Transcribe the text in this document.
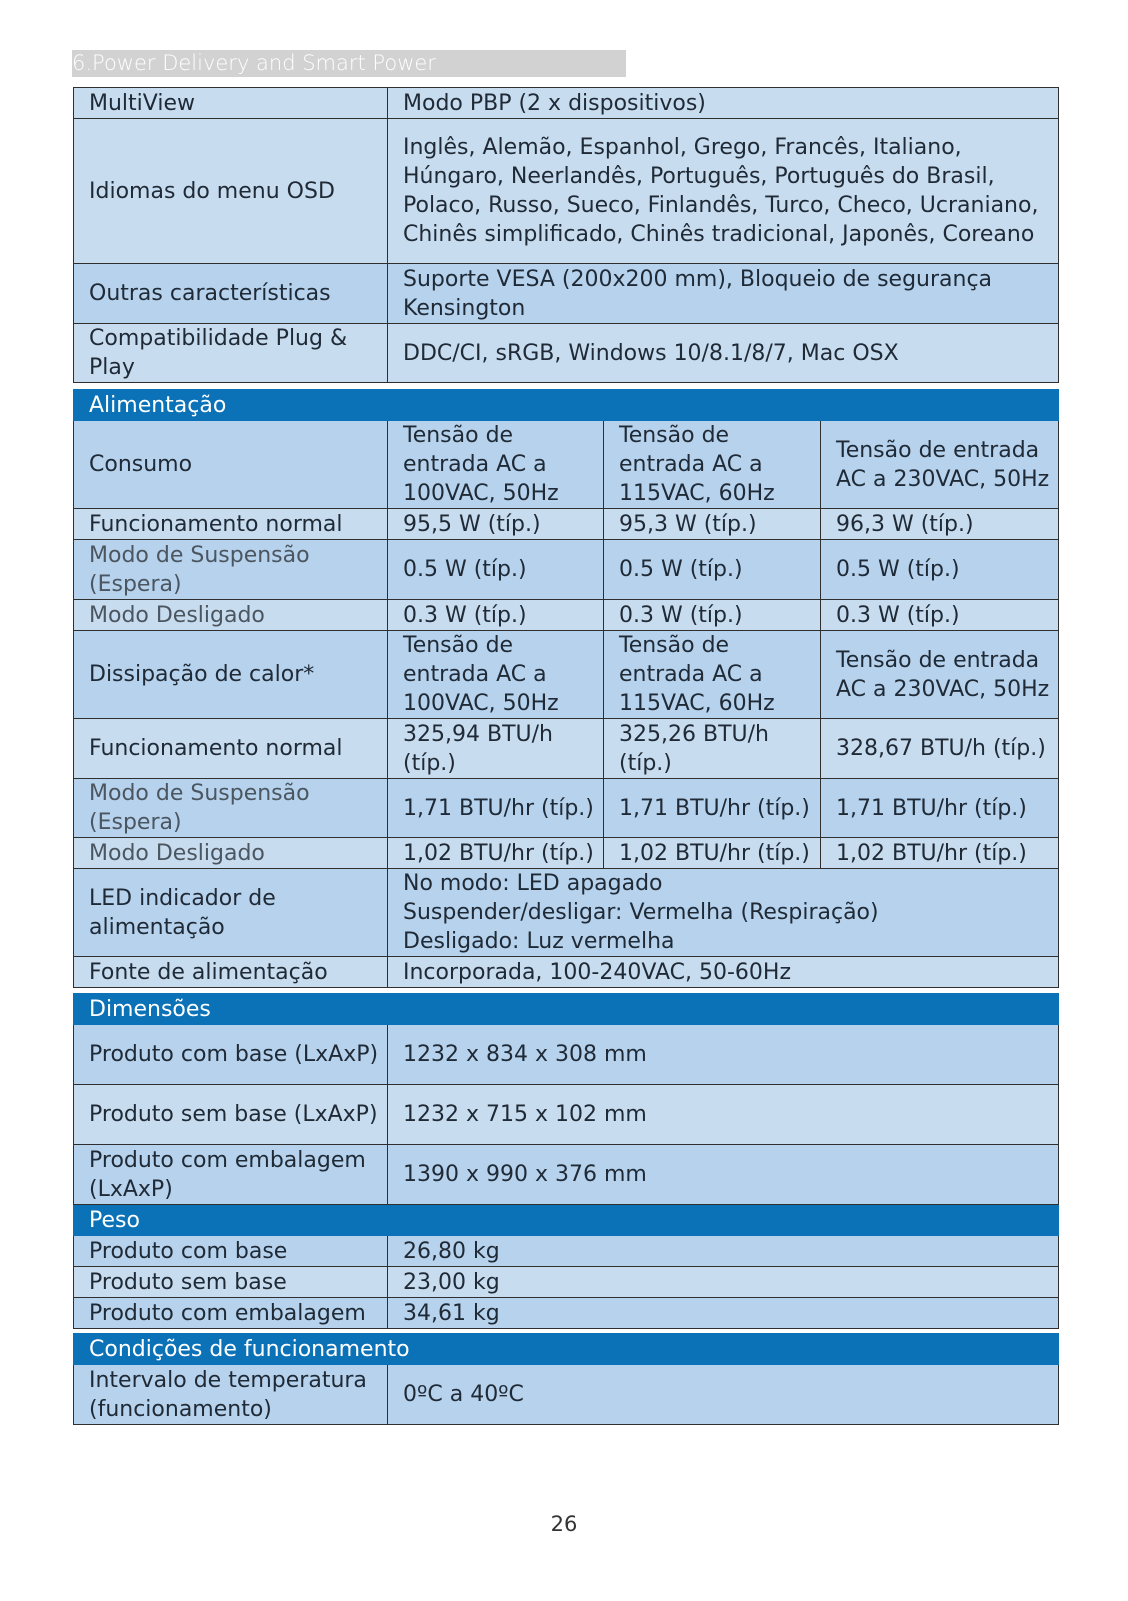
6.Power Delivery and Smart Power
MultiView	Modo PBP (2 x dispositivos)
Idiomas do menu OSD	Inglês, Alemão, Espanhol, Grego, Francês, Italiano, Húngaro, Neerlandês, Português, Português do Brasil, Polaco, Russo, Sueco, Finlandês, Turco, Checo, Ucraniano, Chinês simplificado, Chinês tradicional, Japonês, Coreano
Outras características	Suporte VESA (200x200 mm), Bloqueio de segurança Kensington
Compatibilidade Plug & Play	DDC/CI, sRGB, Windows 10/8.1/8/7, Mac OSX
Alimentação			
Consumo	Tensão de entrada AC a 100VAC, 50Hz	Tensão de entrada AC a 115VAC, 60Hz	Tensão de entrada AC a 230VAC, 50Hz
Funcionamento normal	95,5 W (típ.)	95,3 W (típ.)	96,3 W (típ.)
Modo de Suspensão (Espera)	0.5 W (típ.)	0.5 W (típ.)	0.5 W (típ.)
Modo Desligado	0.3 W (típ.)	0.3 W (típ.)	0.3 W (típ.)
Dissipação de calor*	Tensão de entrada AC a 100VAC, 50Hz	Tensão de entrada AC a 115VAC, 60Hz	Tensão de entrada AC a 230VAC, 50Hz
Funcionamento normal	325,94 BTU/h (típ.)	325,26 BTU/h (típ.)	328,67 BTU/h (típ.)
Modo de Suspensão (Espera)	1,71 BTU/hr (típ.)	1,71 BTU/hr (típ.)	1,71 BTU/hr (típ.)
Modo Desligado	1,02 BTU/hr (típ.)	1,02 BTU/hr (típ.)	1,02 BTU/hr (típ.)
LED indicador de alimentação	No modo: LED apagado
Suspender/desligar: Vermelha (Respiração)
Desligado: Luz vermelha		

Fonte de alimentação	Incorporada, 100-240VAC, 50-60Hz		
Dimensões	
Produto com base (LxAxP)	1232 x 834 x 308 mm
Produto sem base (LxAxP)	1232 x 715 x 102 mm
Produto com embalagem (LxAxP)	1390 x 990 x 376 mm
Peso	
Produto com base	26,80 kg
Produto sem base	23,00 kg
Produto com embalagem	34,61 kg
Condições de funcionamento
Intervalo de temperatura (funcionamento)	0ºC a 40ºC
26
